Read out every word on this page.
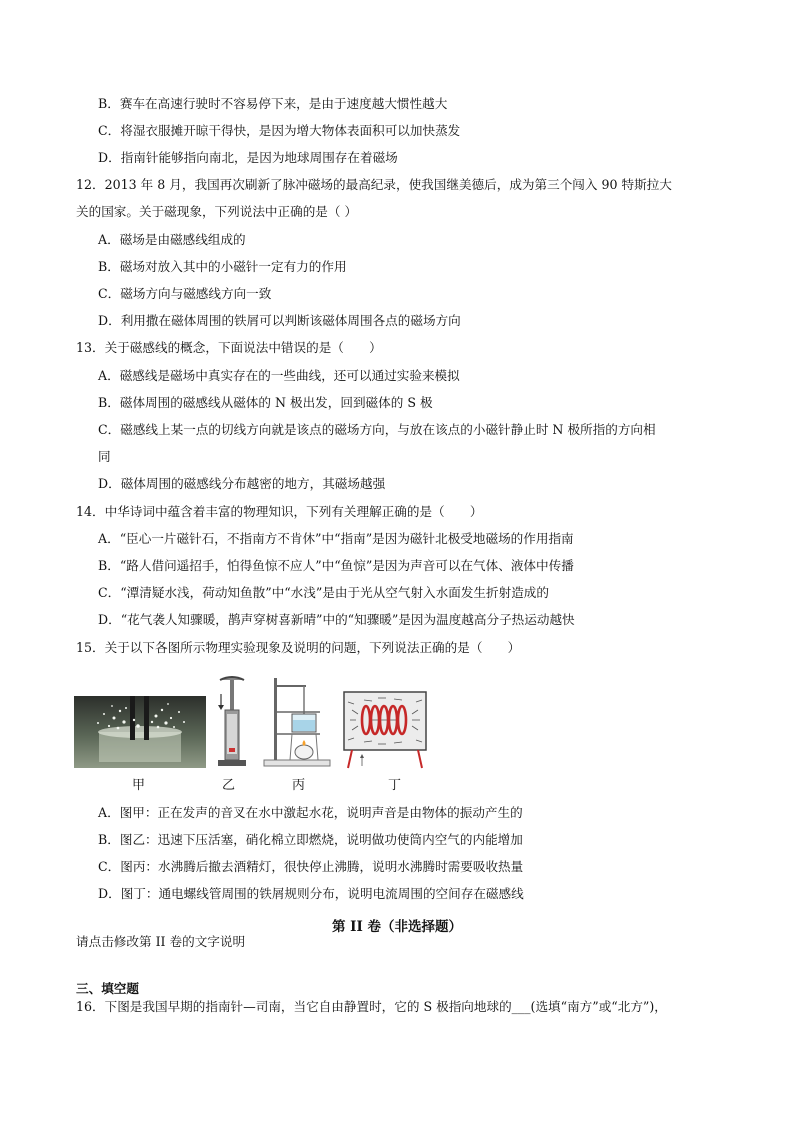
B．赛车在高速行驶时不容易停下来，是由于速度越大惯性越大
C．将湿衣服摊开晾干得快，是因为增大物体表面积可以加快蒸发
D．指南针能够指向南北，是因为地球周围存在着磁场
12．2013 年 8 月，我国再次刷新了脉冲磁场的最高纪录，使我国继美德后，成为第三个闯入 90 特斯拉大
关的国家。关于磁现象，下列说法中正确的是（ ）
A．磁场是由磁感线组成的
B．磁场对放入其中的小磁针一定有力的作用
C．磁场方向与磁感线方向一致
D．利用撒在磁体周围的铁屑可以判断该磁体周围各点的磁场方向
13．关于磁感线的概念，下面说法中错误的是（　　）
A．磁感线是磁场中真实存在的一些曲线，还可以通过实验来模拟
B．磁体周围的磁感线从磁体的 N 极出发，回到磁体的 S 极
C．磁感线上某一点的切线方向就是该点的磁场方向，与放在该点的小磁针静止时 N 极所指的方向相
同
D．磁体周围的磁感线分布越密的地方，其磁场越强
14．中华诗词中蕴含着丰富的物理知识，下列有关理解正确的是（　　）
A．“臣心一片磁针石，不指南方不肯休”中“指南”是因为磁针北极受地磁场的作用指南
B．“路人借问遥招手，怕得鱼惊不应人”中“鱼惊”是因为声音可以在气体、液体中传播
C．“潭清疑水浅，荷动知鱼散”中“水浅”是由于光从空气射入水面发生折射造成的
D．“花气袭人知骤暖，鹊声穿树喜新晴”中的“知骤暖”是因为温度越高分子热运动越快
15．关于以下各图所示物理实验现象及说明的问题，下列说法正确的是（　　）
甲	乙	丙	丁
A．图甲：正在发声的音叉在水中激起水花，说明声音是由物体的振动产生的
B．图乙：迅速下压活塞，硝化棉立即燃烧，说明做功使筒内空气的内能增加
C．图丙：水沸腾后撤去酒精灯，很快停止沸腾，说明水沸腾时需要吸收热量
D．图丁：通电螺线管周围的铁屑规则分布，说明电流周围的空间存在磁感线
第 II 卷（非选择题）
请点击修改第 II 卷的文字说明
三、填空题
16．下图是我国早期的指南针—司南，当它自由静置时，它的 S 极指向地球的___(选填“南方”或“北方”)，
